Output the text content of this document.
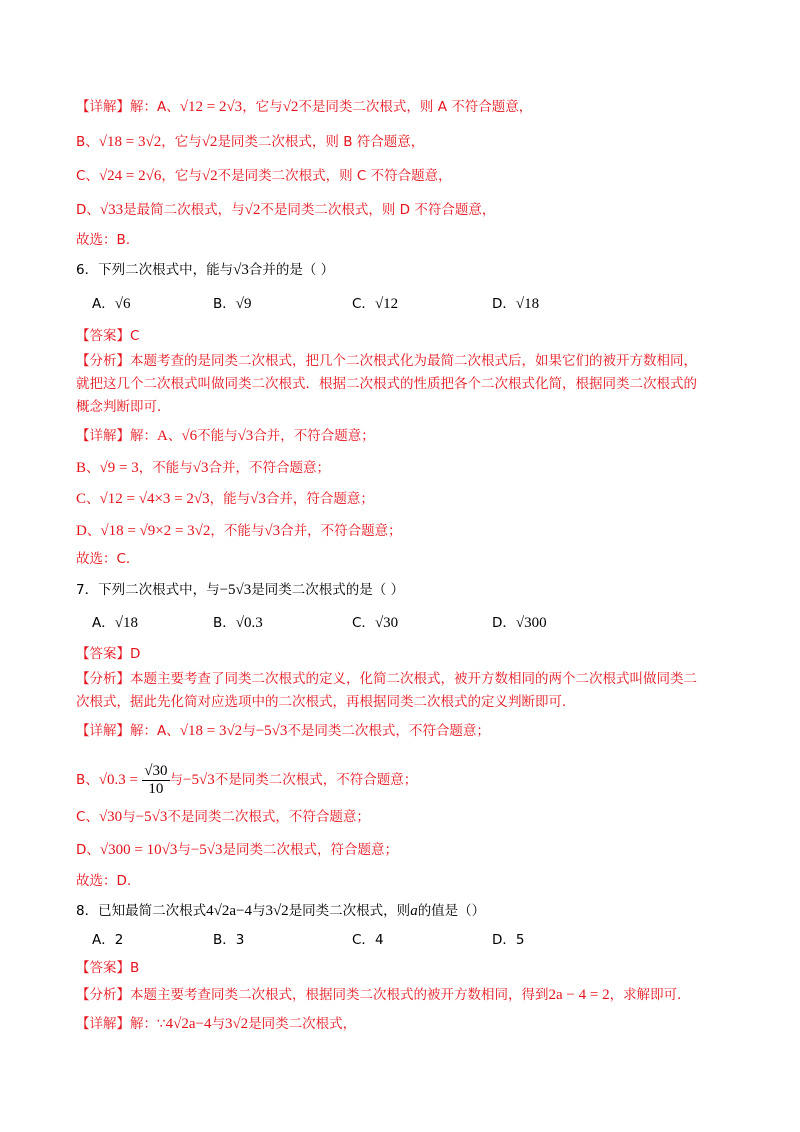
【详解】解：A、√12 = 2√3，它与√2不是同类二次根式，则 A 不符合题意，
B、√18 = 3√2，它与√2是同类二次根式，则 B 符合题意，
C、√24 = 2√6，它与√2不是同类二次根式，则 C 不符合题意，
D、√33是最简二次根式，与√2不是同类二次根式，则 D 不符合题意，
故选：B.
6．下列二次根式中，能与√3合并的是（ ）
A．√6	B．√9	C．√12	D．√18
【答案】C
【分析】本题考查的是同类二次根式，把几个二次根式化为最简二次根式后，如果它们的被开方数相同，
就把这几个二次根式叫做同类二次根式．根据二次根式的性质把各个二次根式化简，根据同类二次根式的
概念判断即可．
【详解】解：A、√6不能与√3合并，不符合题意；
B、√9 = 3，不能与√3合并，不符合题意；
C、√12 = √4×3 = 2√3，能与√3合并，符合题意；
D、√18 = √9×2 = 3√2，不能与√3合并，不符合题意；
故选：C．
7．下列二次根式中，与−5√3是同类二次根式的是（ ）
A．√18	B．√0.3	C．√30	D．√300
【答案】D
【分析】本题主要考查了同类二次根式的定义，化简二次根式，被开方数相同的两个二次根式叫做同类二
次根式，据此先化简对应选项中的二次根式，再根据同类二次根式的定义判断即可．
【详解】解：A、√18 = 3√2与−5√3不是同类二次根式，不符合题意；
B、$√0.3 = \frac{√30}{10}$ 与−5√3不是同类二次根式，不符合题意；
C、√30与−5√3不是同类二次根式，不符合题意；
D、√300 = 10√3与−5√3是同类二次根式，符合题意；
故选：D.
8．已知最简二次根式4√2a−4与3√2是同类二次根式，则a的值是（）
A．2	B．3	C．4	D．5
【答案】B
【分析】本题主要考查同类二次根式，根据同类二次根式的被开方数相同，得到2a − 4 = 2，求解即可．
【详解】解：∵4√2a−4与3√2是同类二次根式，
